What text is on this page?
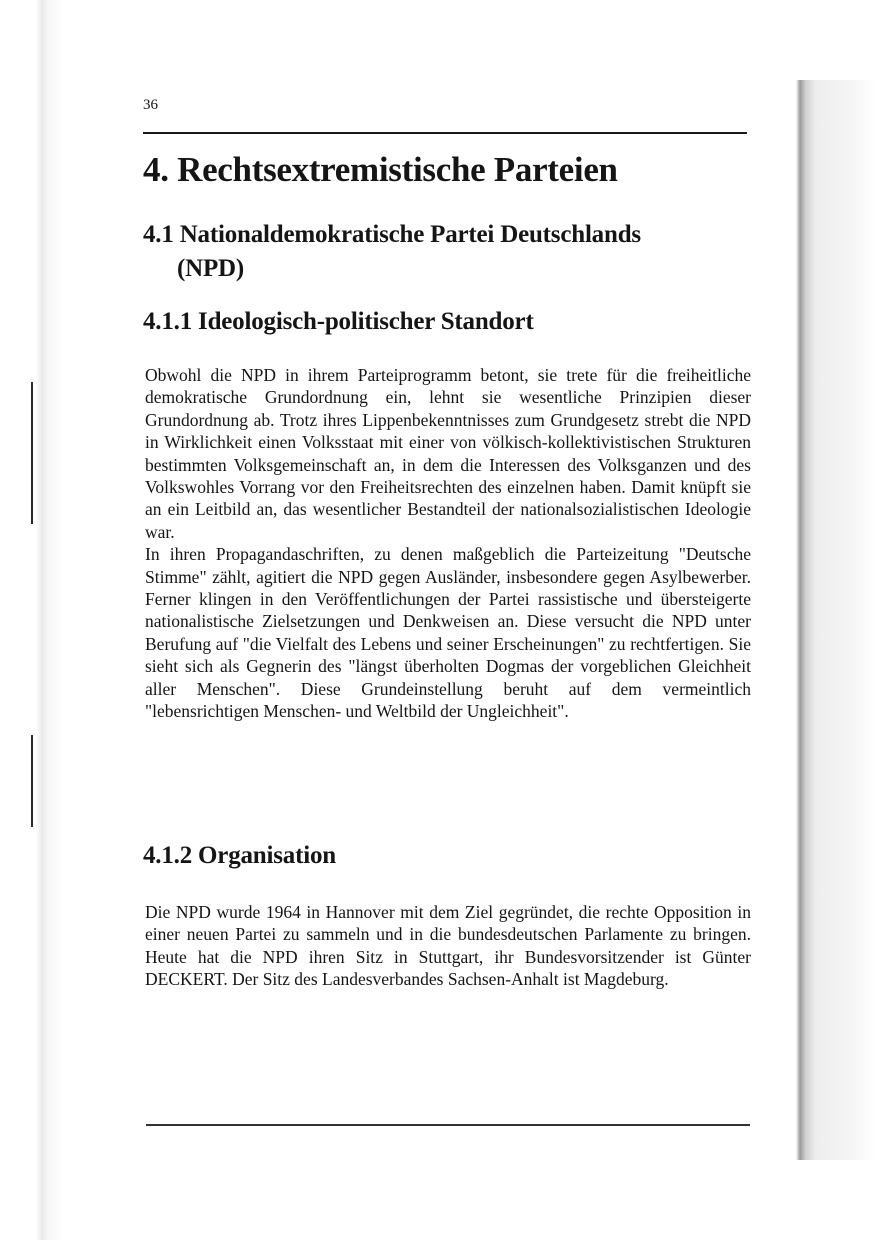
36
4. Rechtsextremistische Parteien
4.1 Nationaldemokratische Partei Deutschlands
(NPD)
4.1.1 Ideologisch-politischer Standort
Obwohl die NPD in ihrem Parteiprogramm betont, sie trete für die freiheitliche demokratische Grundordnung ein, lehnt sie wesentliche Prinzipien dieser Grundordnung ab. Trotz ihres Lippenbekenntnisses zum Grundgesetz strebt die NPD in Wirklichkeit einen Volksstaat mit einer von völkisch-kollektivistischen Strukturen bestimmten Volksgemeinschaft an, in dem die Interessen des Volksganzen und des Volkswohles Vorrang vor den Freiheitsrechten des einzelnen haben. Damit knüpft sie an ein Leitbild an, das wesentlicher Bestandteil der nationalsozialistischen Ideologie war.
In ihren Propagandaschriften, zu denen maßgeblich die Parteizeitung "Deutsche Stimme" zählt, agitiert die NPD gegen Ausländer, insbesondere gegen Asylbewerber. Ferner klingen in den Veröffentlichungen der Partei rassistische und übersteigerte nationalistische Zielsetzungen und Denkweisen an. Diese versucht die NPD unter Berufung auf "die Vielfalt des Lebens und seiner Erscheinungen" zu rechtfertigen. Sie sieht sich als Gegnerin des "längst überholten Dogmas der vorgeblichen Gleichheit aller Menschen". Diese Grundeinstellung beruht auf dem vermeintlich "lebensrichtigen Menschen- und Weltbild der Ungleichheit".
4.1.2 Organisation
Die NPD wurde 1964 in Hannover mit dem Ziel gegründet, die rechte Opposition in einer neuen Partei zu sammeln und in die bundesdeutschen Parlamente zu bringen. Heute hat die NPD ihren Sitz in Stuttgart, ihr Bundesvorsitzender ist Günter DECKERT. Der Sitz des Landesverbandes Sachsen-Anhalt ist Magdeburg.
